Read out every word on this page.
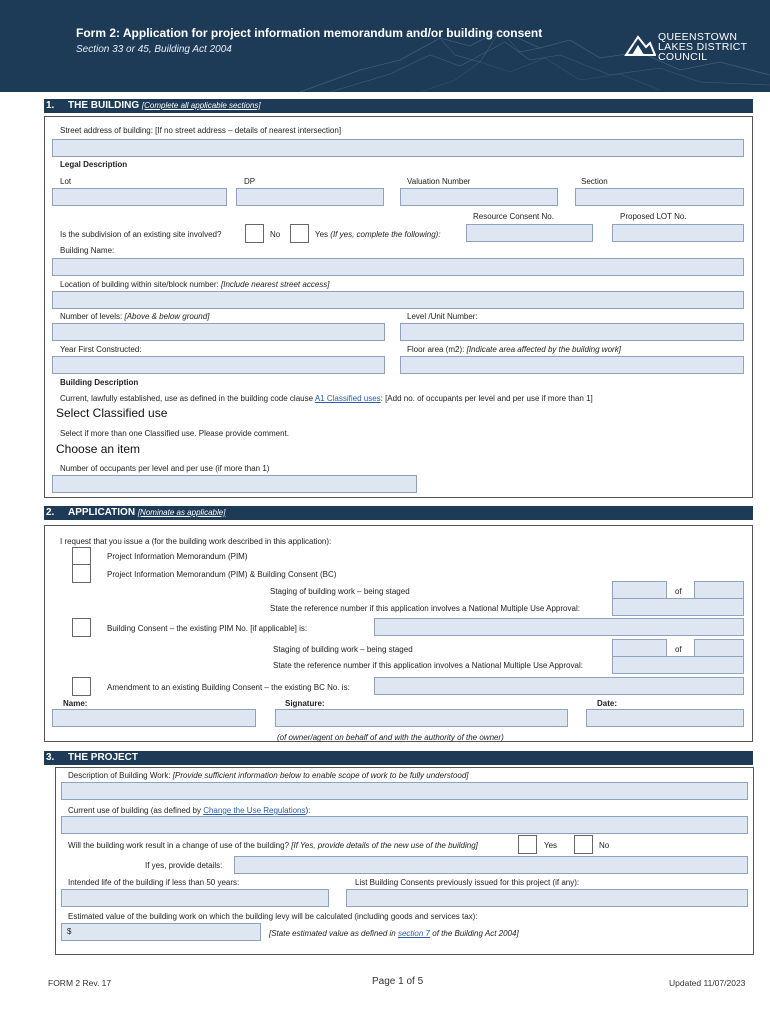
Form 2: Application for project information memorandum and/or building consent
Section 33 or 45, Building Act 2004
QUEENSTOWN
LAKES DISTRICT
COUNCIL
1. THE BUILDING [Complete all applicable sections]
Street address of building: [If no street address – details of nearest intersection]
Legal Description
Lot	DP	Valuation Number	Section
Resource Consent No.	Proposed LOT No.
Is the subdivision of an existing site involved?	No	Yes (If yes, complete the following):
Building Name:
Location of building within site/block number: [Include nearest street access]
Number of levels: [Above & below ground]	Level /Unit Number:
Year First Constructed:	Floor area (m2): [Indicate area affected by the building work]
Building Description
Current, lawfully established, use as defined in the building code clause A1 Classified uses: [Add no. of occupants per level and per use if more than 1]
Select Classified use
Select if more than one Classified use. Please provide comment.
Choose an item
Number of occupants per level and per use (if more than 1)
2. APPLICATION [Nominate as applicable]
I request that you issue a (for the building work described in this application):
Project Information Memorandum (PIM)
Project Information Memorandum (PIM) & Building Consent (BC)
Staging of building work – being staged	of
State the reference number if this application involves a National Multiple Use Approval:
Building Consent – the existing PIM No. [if applicable] is:
Staging of building work – being staged	of
State the reference number if this application involves a National Multiple Use Approval:
Amendment to an existing Building Consent – the existing BC No. is:
Name:	Signature:	Date:
(of owner/agent on behalf of and with the authority of the owner)
3. THE PROJECT
Description of Building Work: [Provide sufficient information below to enable scope of work to be fully understood]
Current use of building (as defined by Change the Use Regulations):
Will the building work result in a change of use of the building? [If Yes, provide details of the new use of the building]	Yes	No
If yes, provide details:
Intended life of the building if less than 50 years:	List Building Consents previously issued for this project (if any):
Estimated value of the building work on which the building levy will be calculated (including goods and services tax):
$	[State estimated value as defined in section 7 of the Building Act 2004]
FORM 2 Rev. 17	Page 1 of 5	Updated 11/07/2023
